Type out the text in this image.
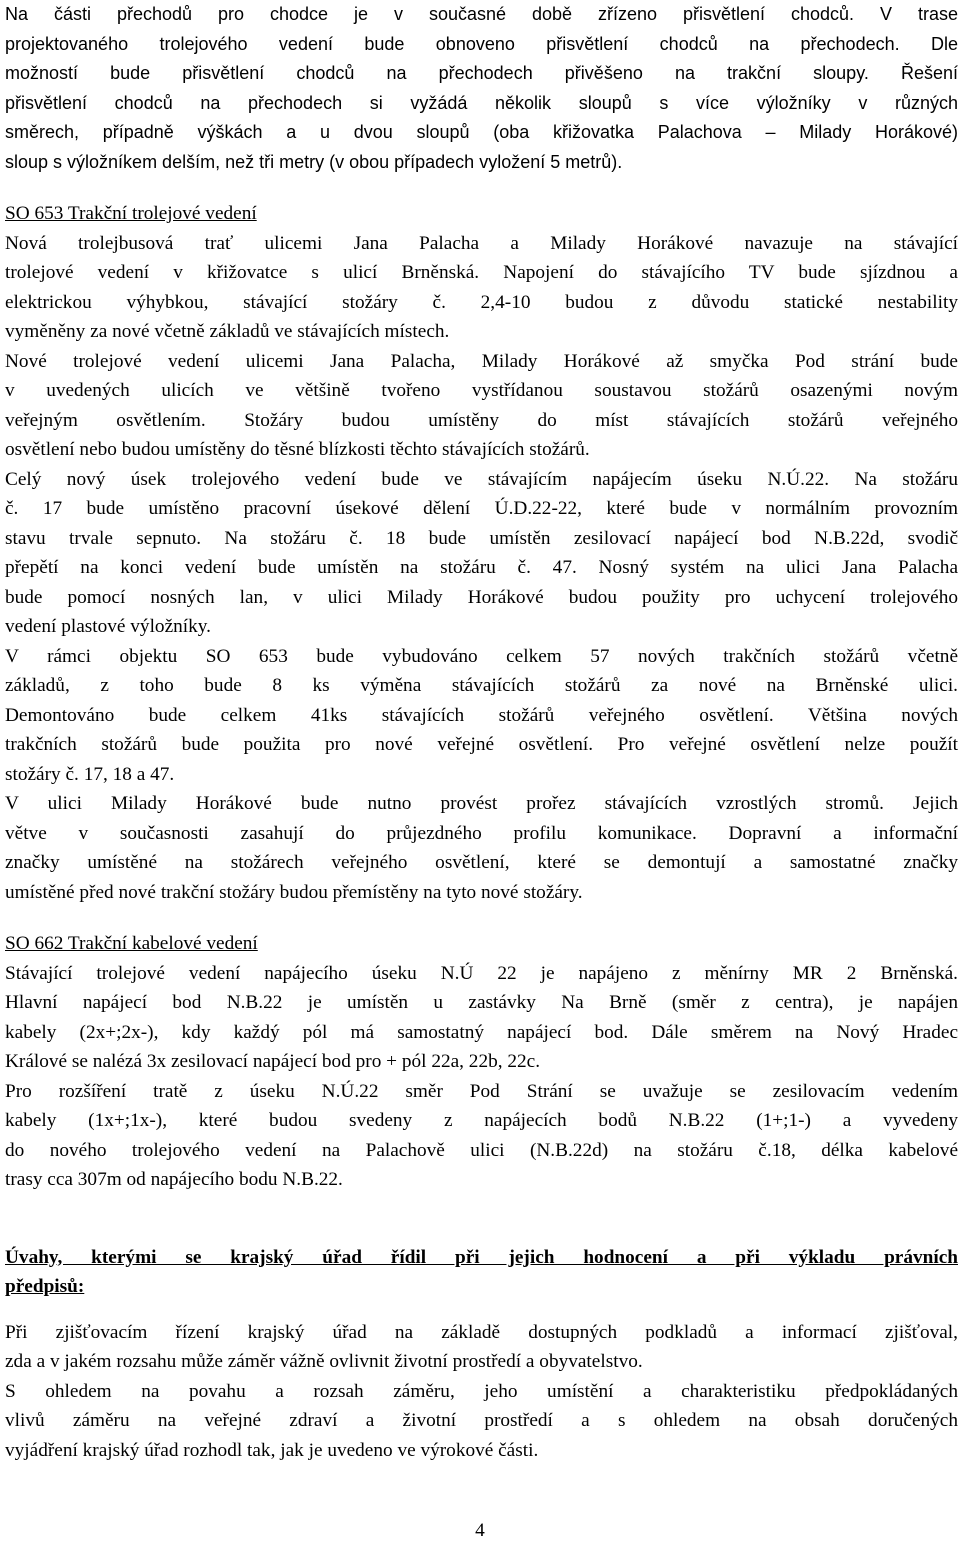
Na části přechodů pro chodce je v současné době zřízeno přisvětlení chodců. V trase
projektovaného trolejového vedení bude obnoveno přisvětlení chodců na přechodech. Dle
možností bude přisvětlení chodců na přechodech přivěšeno na trakční sloupy. Řešení
přisvětlení chodců na přechodech si vyžádá několik sloupů s více výložníky v různých
směrech, případně výškách a u dvou sloupů (oba křižovatka Palachova – Milady Horákové)
sloup s výložníkem delším, než tři metry (v obou případech vyložení 5 metrů).
SO 653 Trakční trolejové vedení
Nová trolejbusová trať ulicemi Jana Palacha a Milady Horákové navazuje na stávající
trolejové vedení v křižovatce s ulicí Brněnská. Napojení do stávajícího TV bude sjízdnou a
elektrickou výhybkou, stávající stožáry č. 2,4-10 budou z důvodu statické nestability
vyměněny za nové včetně základů ve stávajících místech.
Nové trolejové vedení ulicemi Jana Palacha, Milady Horákové až smyčka Pod strání bude
v uvedených ulicích ve většině tvořeno vystřídanou soustavou stožárů osazenými novým
veřejným osvětlením. Stožáry budou umístěny do míst stávajících stožárů veřejného
osvětlení nebo budou umístěny do těsné blízkosti těchto stávajících stožárů.
Celý nový úsek trolejového vedení bude ve stávajícím napájecím úseku N.Ú.22. Na stožáru
č. 17 bude umístěno pracovní úsekové dělení Ú.D.22-22, které bude v normálním provozním
stavu trvale sepnuto. Na stožáru č. 18 bude umístěn zesilovací napájecí bod N.B.22d, svodič
přepětí na konci vedení bude umístěn na stožáru č. 47. Nosný systém na ulici Jana Palacha
bude pomocí nosných lan, v ulici Milady Horákové budou použity pro uchycení trolejového
vedení plastové výložníky.
V rámci objektu SO 653 bude vybudováno celkem 57 nových trakčních stožárů včetně
základů, z toho bude 8 ks výměna stávajících stožárů za nové na Brněnské ulici.
Demontováno bude celkem 41ks stávajících stožárů veřejného osvětlení. Většina nových
trakčních stožárů bude použita pro nové veřejné osvětlení. Pro veřejné osvětlení nelze použít
stožáry č. 17, 18 a 47.
V ulici Milady Horákové bude nutno provést prořez stávajících vzrostlých stromů. Jejich
větve v současnosti zasahují do průjezdného profilu komunikace. Dopravní a informační
značky umístěné na stožárech veřejného osvětlení, které se demontují a samostatné značky
umístěné před nové trakční stožáry budou přemístěny na tyto nové stožáry.
SO 662 Trakční kabelové vedení
Stávající trolejové vedení napájecího úseku N.Ú 22 je napájeno z měnírny MR 2 Brněnská.
Hlavní napájecí bod N.B.22 je umístěn u zastávky Na Brně (směr z centra), je napájen
kabely (2x+;2x-), kdy každý pól má samostatný napájecí bod. Dále směrem na Nový Hradec
Králové se nalézá 3x zesilovací napájecí bod pro + pól 22a, 22b, 22c.
Pro rozšíření tratě z úseku N.Ú.22 směr Pod Strání se uvažuje se zesilovacím vedením
kabely (1x+;1x-), které budou svedeny z napájecích bodů N.B.22 (1+;1-) a vyvedeny
do nového trolejového vedení na Palachově ulici (N.B.22d) na stožáru č.18, délka kabelové
trasy cca 307m od napájecího bodu N.B.22.
Úvahy, kterými se krajský úřad řídil při jejich hodnocení a při výkladu právních
předpisů:
Při zjišťovacím řízení krajský úřad na základě dostupných podkladů a informací zjišťoval,
zda a v jakém rozsahu může záměr vážně ovlivnit životní prostředí a obyvatelstvo.
S ohledem na povahu a rozsah záměru, jeho umístění a charakteristiku předpokládaných
vlivů záměru na veřejné zdraví a životní prostředí a s ohledem na obsah doručených
vyjádření krajský úřad rozhodl tak, jak je uvedeno ve výrokové části.
4
